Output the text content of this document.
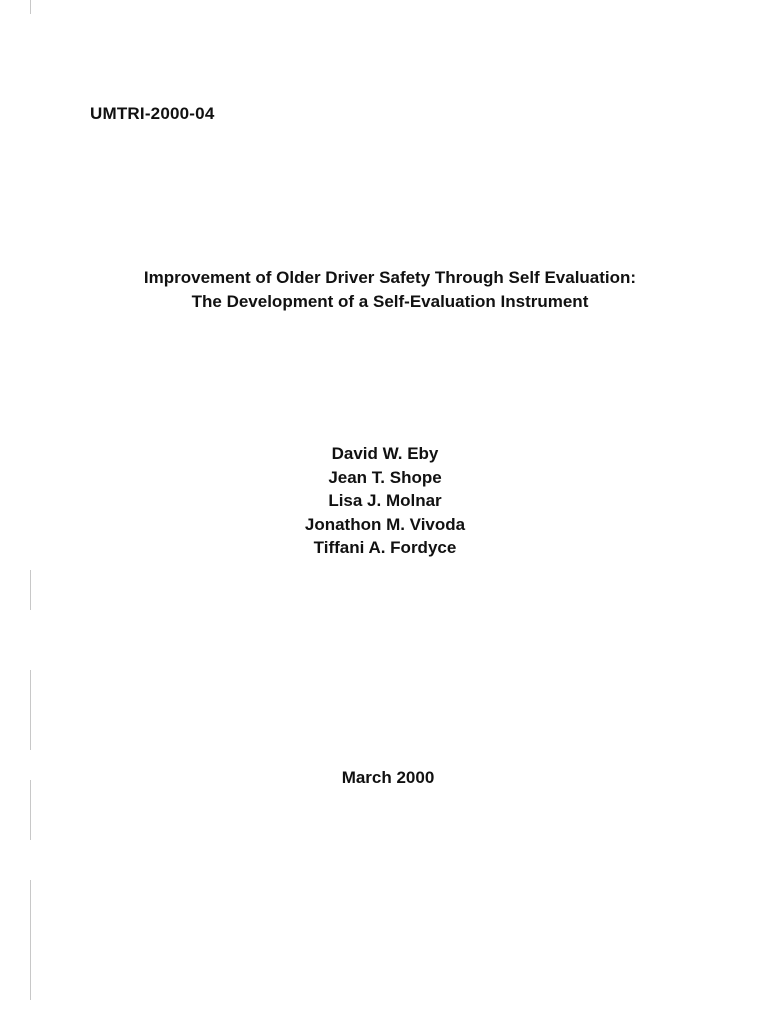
UMTRI-2000-04
Improvement of Older Driver Safety Through Self Evaluation:
The Development of a Self-Evaluation Instrument
David W. Eby
Jean T. Shope
Lisa J. Molnar
Jonathon M. Vivoda
Tiffani A. Fordyce
March 2000
